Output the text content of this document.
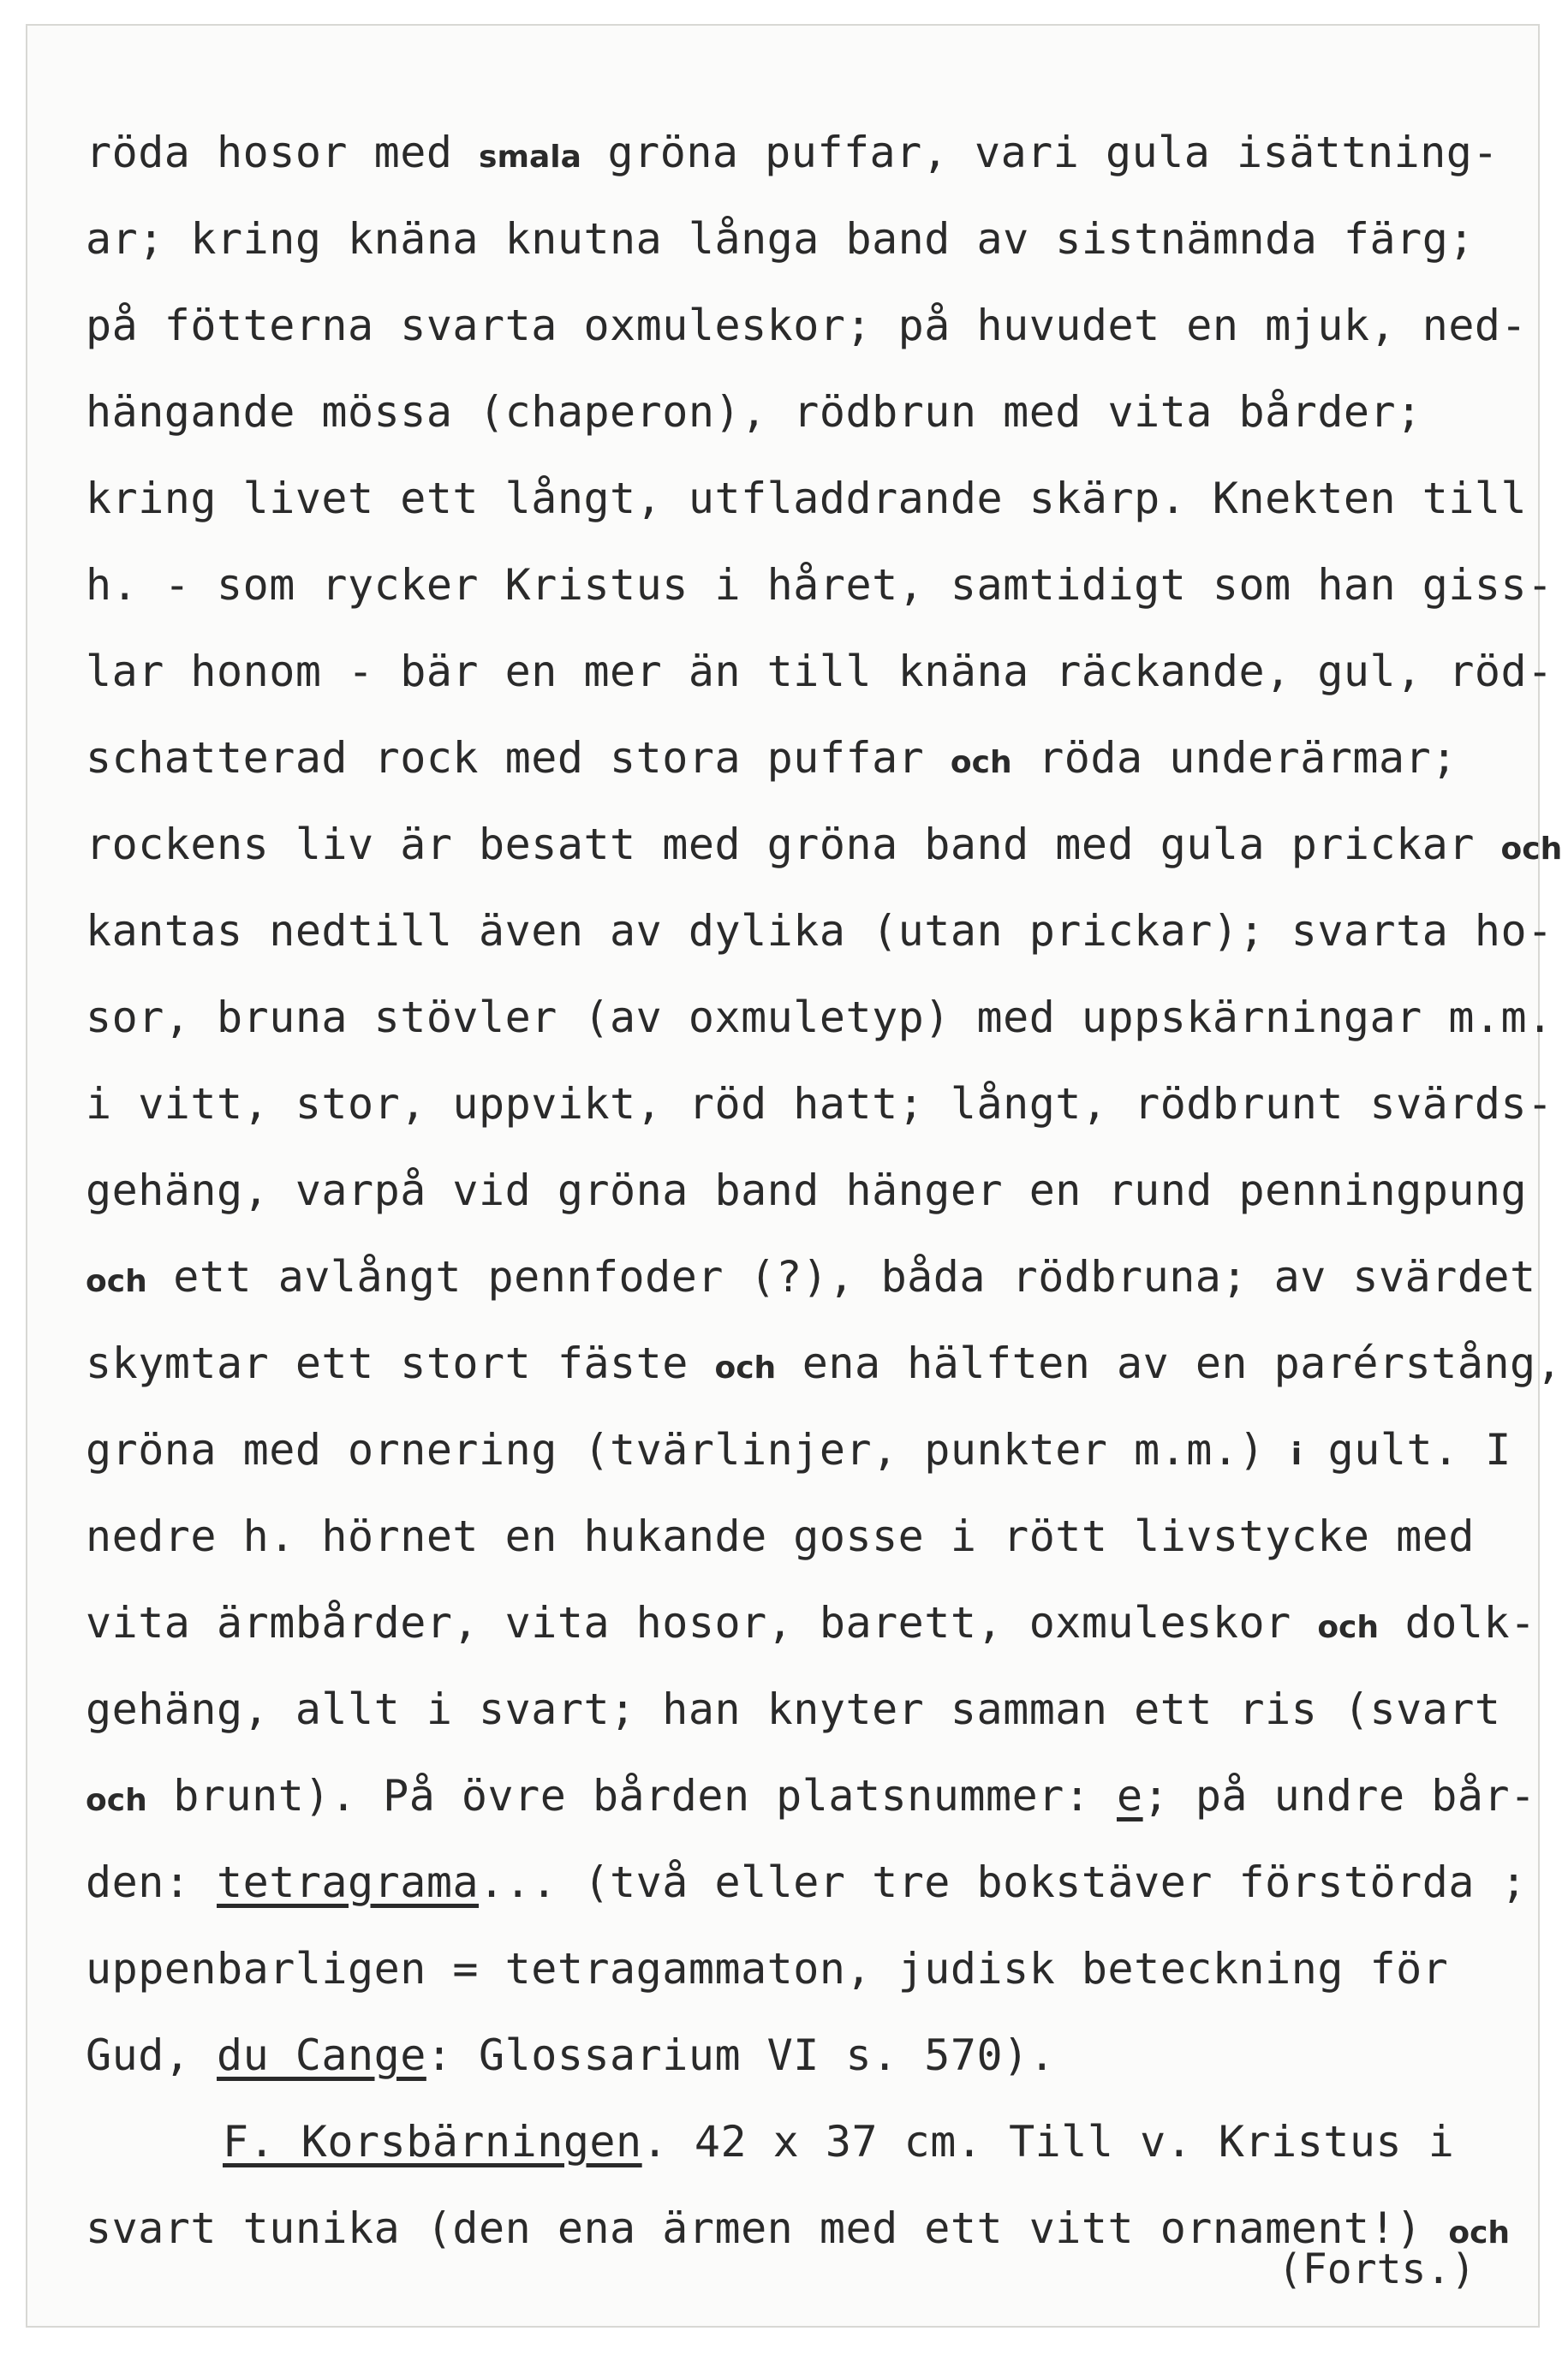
röda hosor med smala gröna puffar, vari gula isättning-
ar; kring knäna knutna långa band av sistnämnda färg;
på fötterna svarta oxmuleskor; på huvudet en mjuk, ned-
hängande mössa (chaperon), rödbrun med vita bårder;
kring livet ett långt, utfladdrande skärp. Knekten till
h. - som rycker Kristus i håret, samtidigt som han giss-
lar honom - bär en mer än till knäna räckande, gul, röd-
schatterad rock med stora puffar och röda underärmar;
rockens liv är besatt med gröna band med gula prickar och
kantas nedtill även av dylika (utan prickar); svarta ho-
sor, bruna stövler (av oxmuletyp) med uppskärningar m.m.
i vitt, stor, uppvikt, röd hatt; långt, rödbrunt svärds-
gehäng, varpå vid gröna band hänger en rund penningpung
och ett avlångt pennfoder (?), båda rödbruna; av svärdet
skymtar ett stort fäste och ena hälften av en parérstång,
gröna med ornering (tvärlinjer, punkter m.m.) i gult. I
nedre h. hörnet en hukande gosse i rött livstycke med
vita ärmbårder, vita hosor, barett, oxmuleskor och dolk-
gehäng, allt i svart; han knyter samman ett ris (svart
och brunt). På övre bården platsnummer: e; på undre bår-
den: tetragrama... (två eller tre bokstäver förstörda ;
uppenbarligen = tetragammaton, judisk beteckning för
Gud, du Cange: Glossarium VI s. 570).
F. Korsbärningen. 42 x 37 cm. Till v. Kristus i
svart tunika (den ena ärmen med ett vitt ornament!) och
(Forts.)
